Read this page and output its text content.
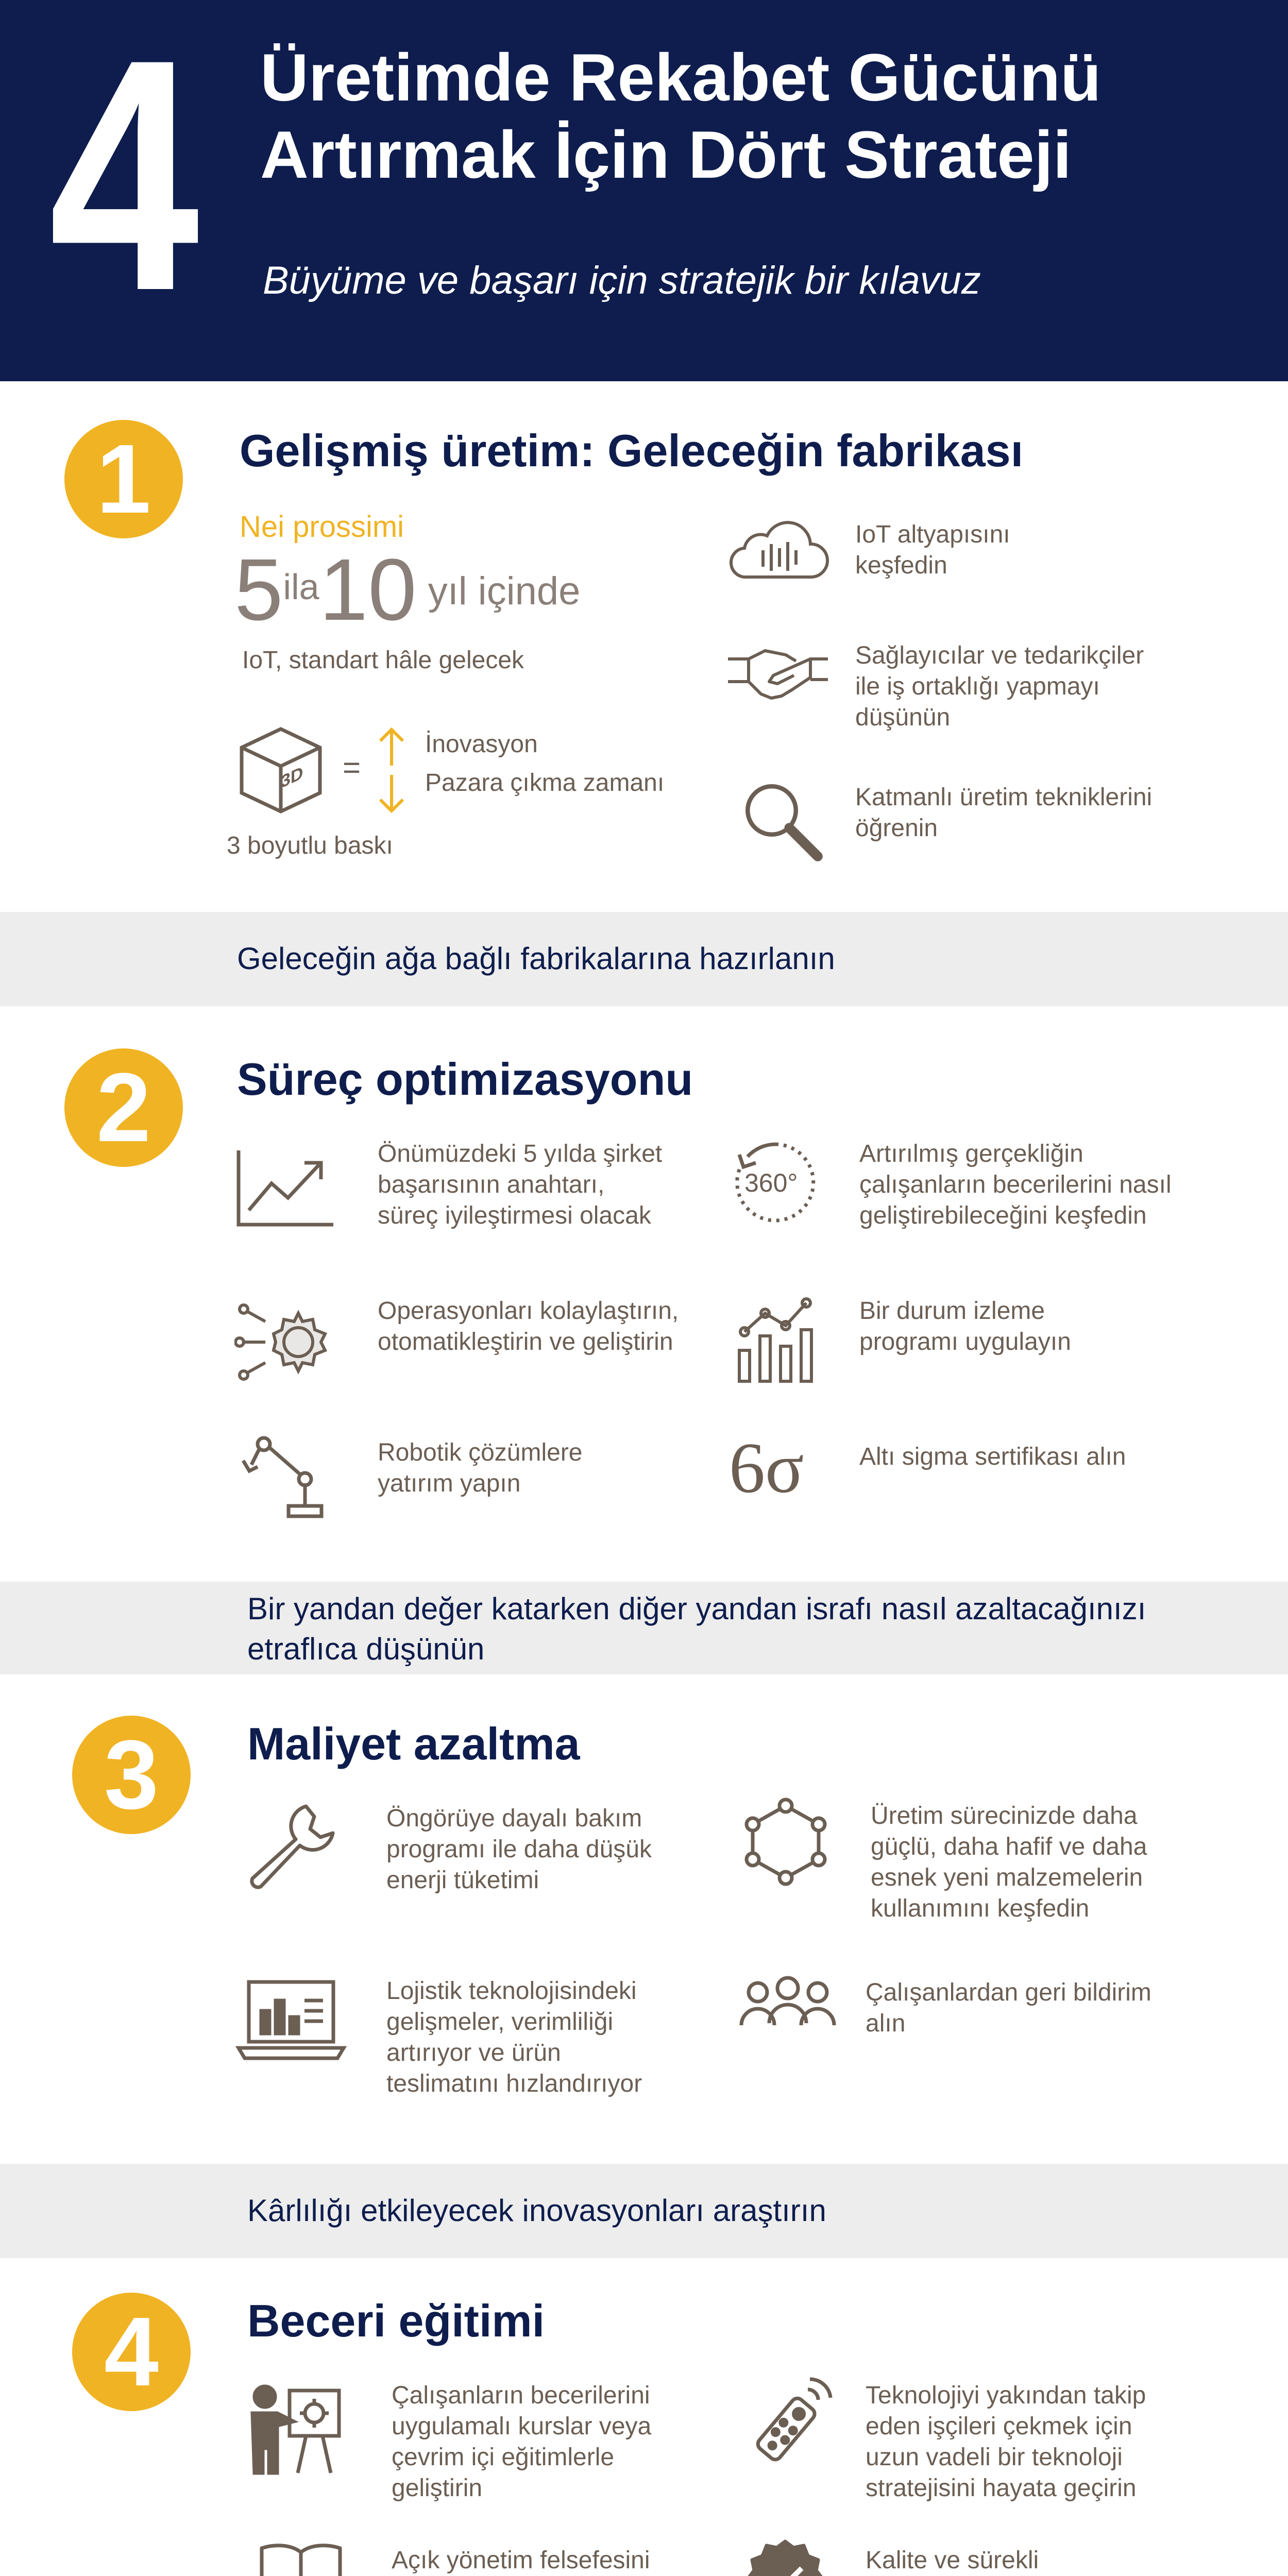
4 Üretimde Rekabet Gücünü
Artırmak İçin Dört Strateji
Büyüme ve başarı için stratejik bir kılavuz
1 Gelişmiş üretim: Geleceğin fabrikası
Nei prossimi
5ila10 yıl içinde
IoT, standart hâle gelecek
3D =
İnovasyon
Pazara çıkma zamanı
3 boyutlu baskı
IoT altyapısını
keşfedin
Sağlayıcılar ve tedarikçiler
ile iş ortaklığı yapmayı
düşünün
Katmanlı üretim tekniklerini
öğrenin
Geleceğin ağa bağlı fabrikalarına hazırlanın
2 Süreç optimizasyonu
Önümüzdeki 5 yılda şirket
başarısının anahtarı,
süreç iyileştirmesi olacak
360°
Artırılmış gerçekliğin
çalışanların becerilerini nasıl
geliştirebileceğini keşfedin
Operasyonları kolaylaştırın,
otomatikleştirin ve geliştirin
Bir durum izleme
programı uygulayın
Robotik çözümlere
yatırım yapın	6σ	Altı sigma sertifikası alın
Bir yandan değer katarken diğer yandan israfı nasıl azaltacağınızı
etraflıca düşünün
3 Maliyet azaltma
Öngörüye dayalı bakım
programı ile daha düşük
enerji tüketimi
Üretim sürecinizde daha
güçlü, daha hafif ve daha
esnek yeni malzemelerin
kullanımını keşfedin
Lojistik teknolojisindeki
gelişmeler, verimliliği
artırıyor ve ürün
teslimatını hızlandırıyor
Çalışanlardan geri bildirim
alın
Kârlılığı etkileyecek inovasyonları araştırın
4 Beceri eğitimi
Çalışanların becerilerini
uygulamalı kurslar veya
çevrim içi eğitimlerle
geliştirin
Teknolojiyi yakından takip
eden işçileri çekmek için
uzun vadeli bir teknoloji
stratejisini hayata geçirin
Açık yönetim felsefesini	Kalite ve sürekli
